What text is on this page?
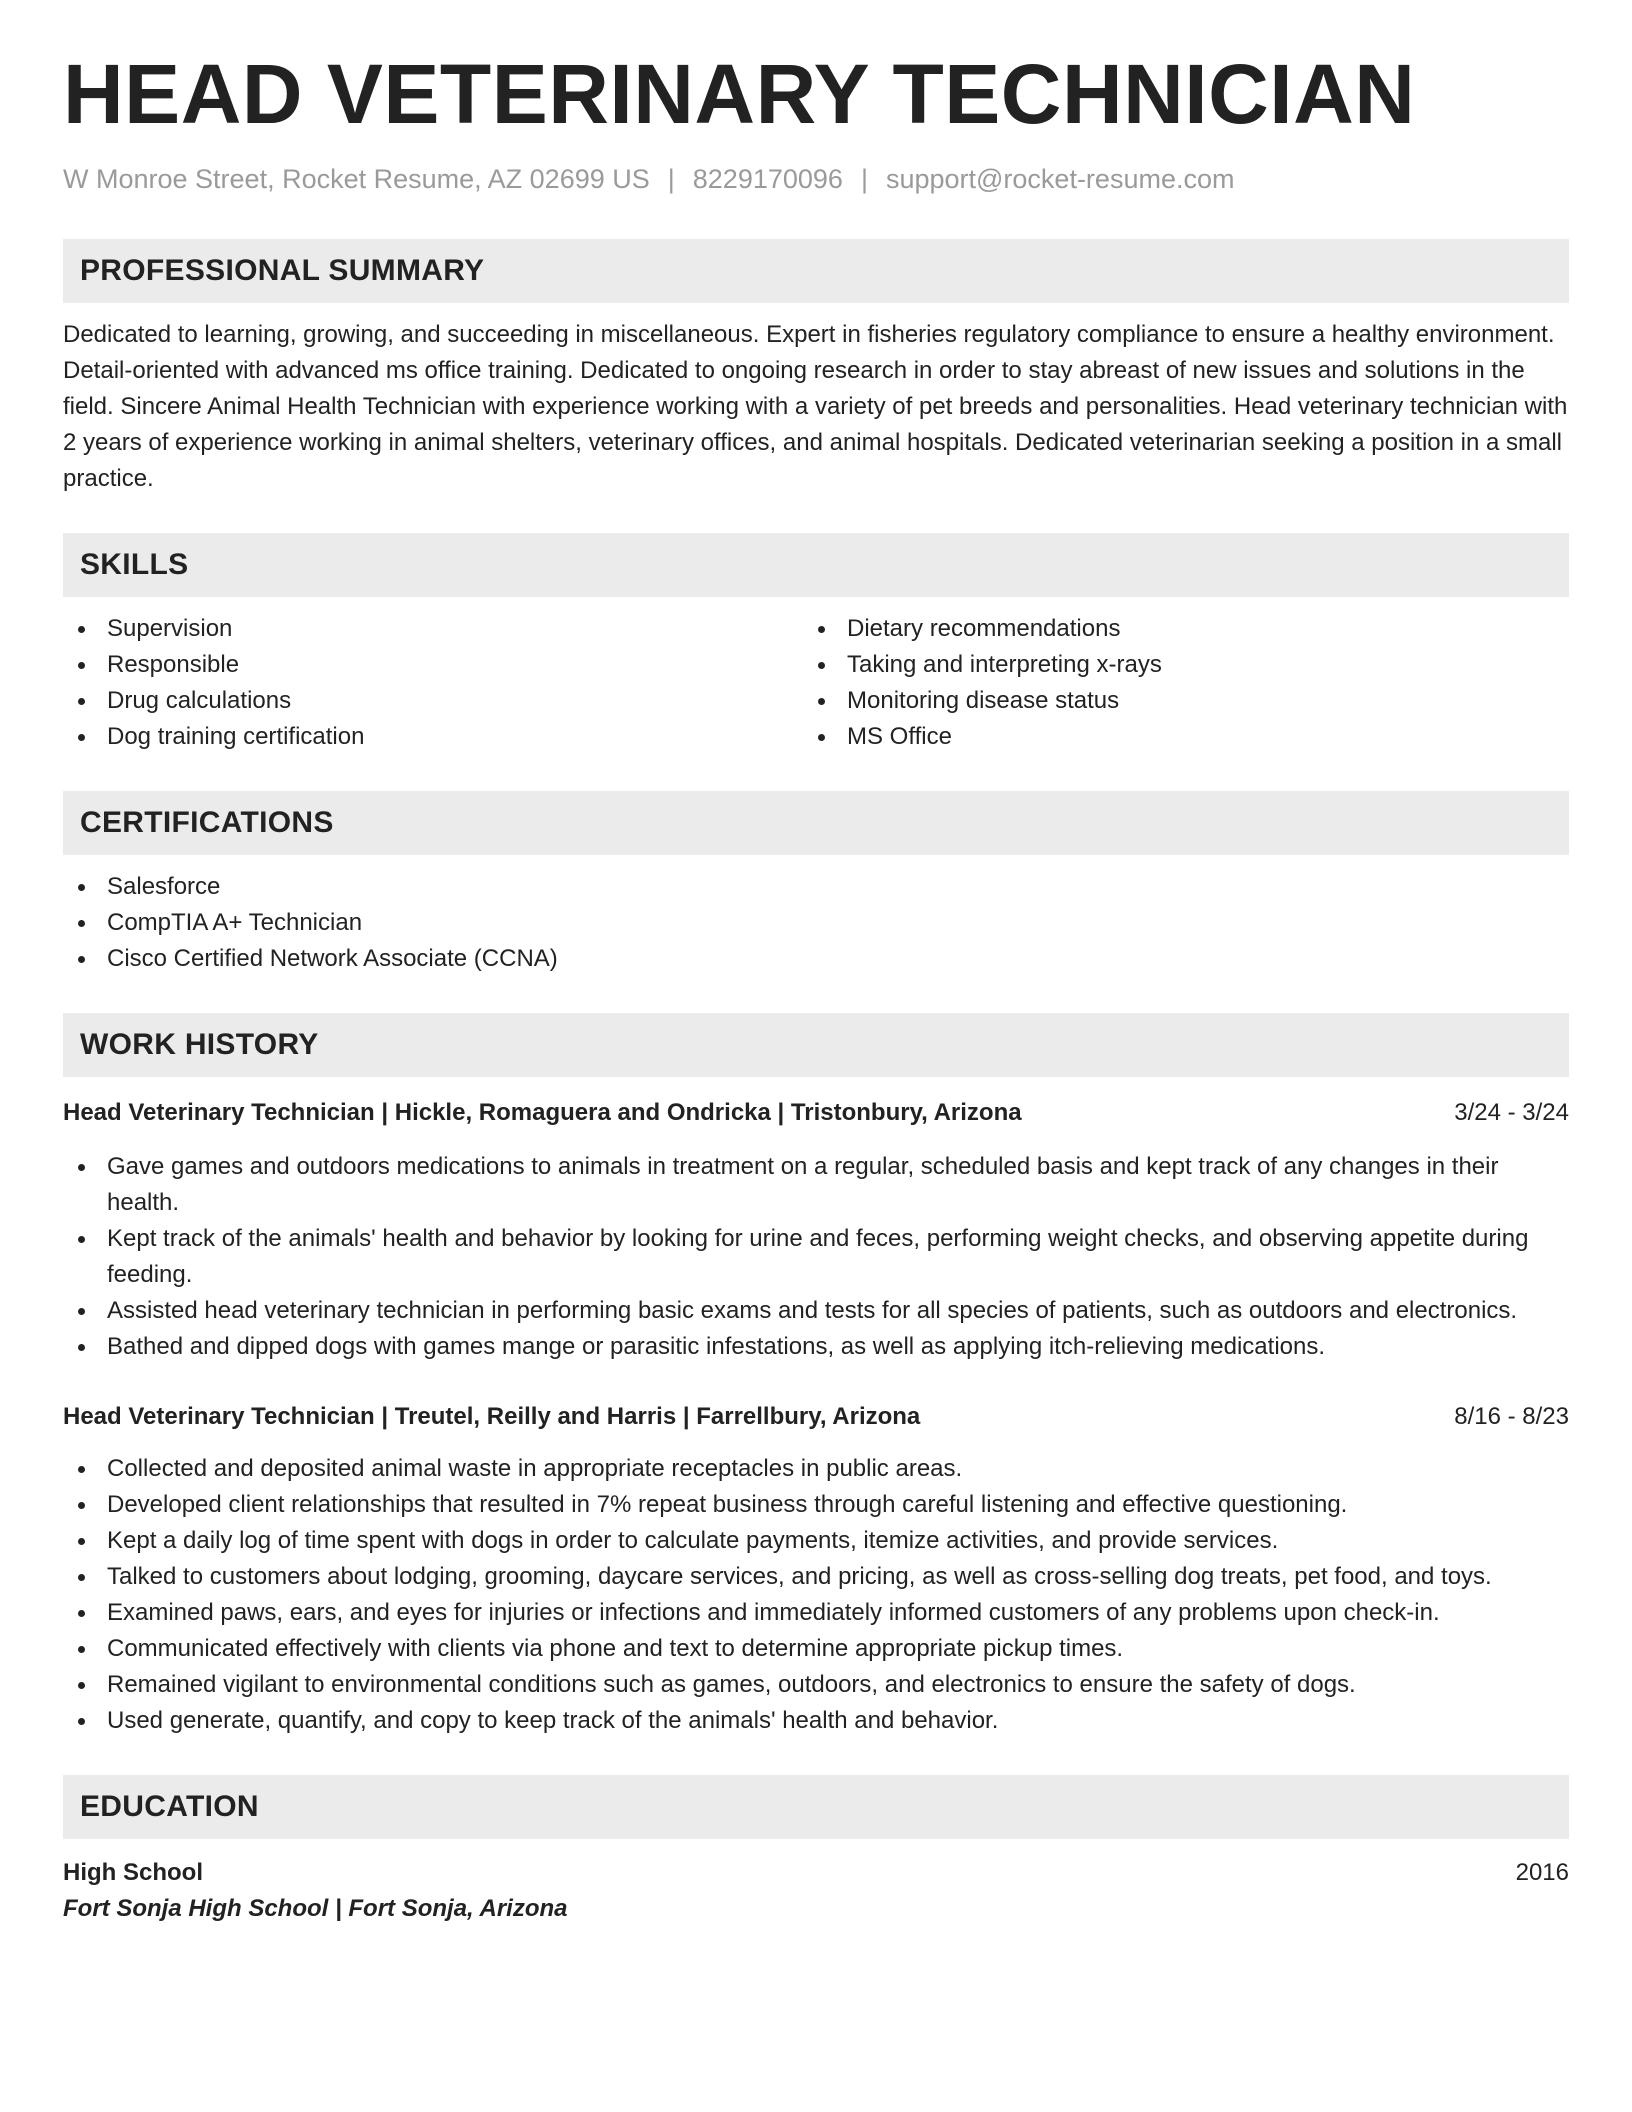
HEAD VETERINARY TECHNICIAN
W Monroe Street, Rocket Resume, AZ 02699 US | 8229170096 | support@rocket-resume.com
PROFESSIONAL SUMMARY

Dedicated to learning, growing, and succeeding in miscellaneous. Expert in fisheries regulatory compliance to ensure a healthy environment. Detail-oriented with advanced ms office training. Dedicated to ongoing research in order to stay abreast of new issues and solutions in the field. Sincere Animal Health Technician with experience working with a variety of pet breeds and personalities. Head veterinary technician with 2 years of experience working in animal shelters, veterinary offices, and animal hospitals. Dedicated veterinarian seeking a position in a small practice.

SKILLS
Supervision
Responsible
Drug calculations
Dog training certification
Dietary recommendations
Taking and interpreting x-rays
Monitoring disease status
MS Office
CERTIFICATIONS
Salesforce
CompTIA A+ Technician
Cisco Certified Network Associate (CCNA)
WORK HISTORY
Head Veterinary Technician | Hickle, Romaguera and Ondricka | Tristonbury, Arizona	3/24 - 3/24
Gave games and outdoors medications to animals in treatment on a regular, scheduled basis and kept track of any changes in their health.
Kept track of the animals' health and behavior by looking for urine and feces, performing weight checks, and observing appetite during feeding.
Assisted head veterinary technician in performing basic exams and tests for all species of patients, such as outdoors and electronics.
Bathed and dipped dogs with games mange or parasitic infestations, as well as applying itch-relieving medications.
Head Veterinary Technician | Treutel, Reilly and Harris | Farrellbury, Arizona	8/16 - 8/23
Collected and deposited animal waste in appropriate receptacles in public areas.
Developed client relationships that resulted in 7% repeat business through careful listening and effective questioning.
Kept a daily log of time spent with dogs in order to calculate payments, itemize activities, and provide services.
Talked to customers about lodging, grooming, daycare services, and pricing, as well as cross-selling dog treats, pet food, and toys.
Examined paws, ears, and eyes for injuries or infections and immediately informed customers of any problems upon check-in.
Communicated effectively with clients via phone and text to determine appropriate pickup times.
Remained vigilant to environmental conditions such as games, outdoors, and electronics to ensure the safety of dogs.
Used generate, quantify, and copy to keep track of the animals' health and behavior.
EDUCATION
High School	2016
Fort Sonja High School | Fort Sonja, Arizona
